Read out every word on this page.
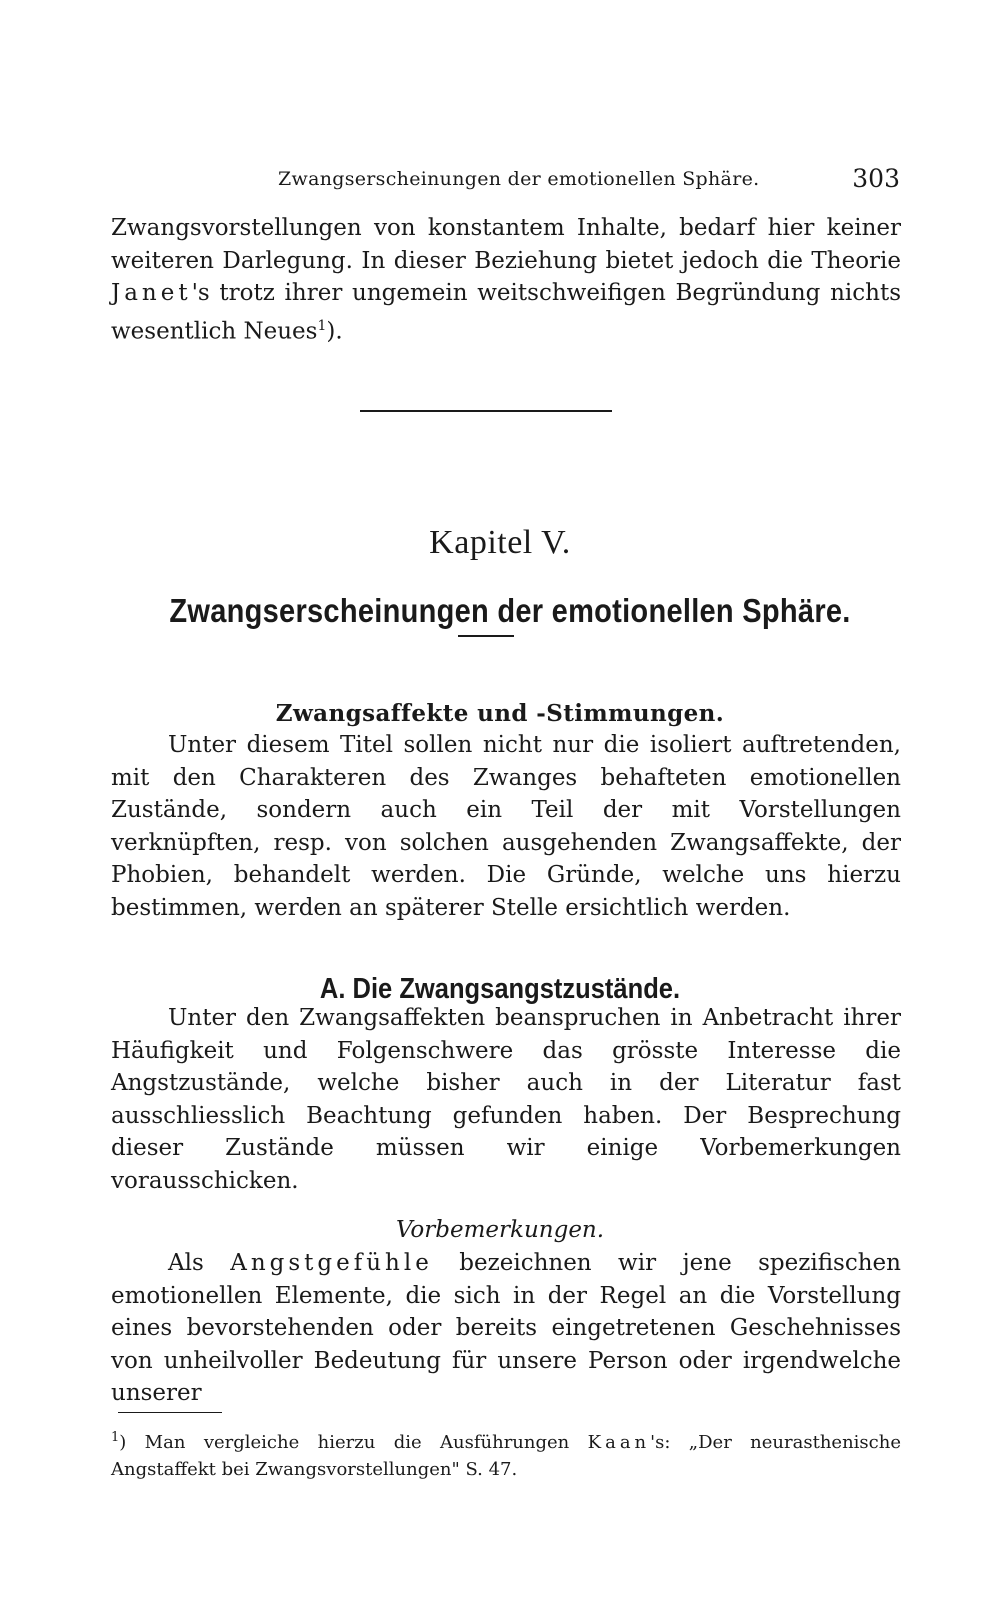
Zwangserscheinungen der emotionellen Sphäre.	303

Zwangsvorstellungen von konstantem Inhalte, bedarf hier keiner weiteren Darlegung. In dieser Beziehung bietet jedoch die Theorie Janet's trotz ihrer ungemein weitschweifigen Begründung nichts wesentlich Neues$^1$).

Kapitel V.
Zwangserscheinungen der emotionellen Sphäre.
Zwangsaffekte und -Stimmungen.

Unter diesem Titel sollen nicht nur die isoliert auftretenden, mit den Charakteren des Zwanges behafteten emotionellen Zustände, sondern auch ein Teil der mit Vorstellungen verknüpften, resp. von solchen ausgehenden Zwangsaffekte, der Phobien, behandelt werden. Die Gründe, welche uns hierzu bestimmen, werden an späterer Stelle ersichtlich werden.

A. Die Zwangsangstzustände.

Unter den Zwangsaffekten beanspruchen in Anbetracht ihrer Häufigkeit und Folgenschwere das grösste Interesse die Angstzustände, welche bisher auch in der Literatur fast ausschliesslich Beachtung gefunden haben. Der Besprechung dieser Zustände müssen wir einige Vorbemerkungen vorausschicken.

Vorbemerkungen.

Als Angstgefühle bezeichnen wir jene spezifischen emotionellen Elemente, die sich in der Regel an die Vorstellung eines bevorstehenden oder bereits eingetretenen Geschehnisses von unheilvoller Bedeutung für unsere Person oder irgendwelche unserer

$^1$) Man vergleiche hierzu die Ausführungen Kaan's: „Der neurasthenische Angstaffekt bei Zwangsvorstellungen" S. 47.
